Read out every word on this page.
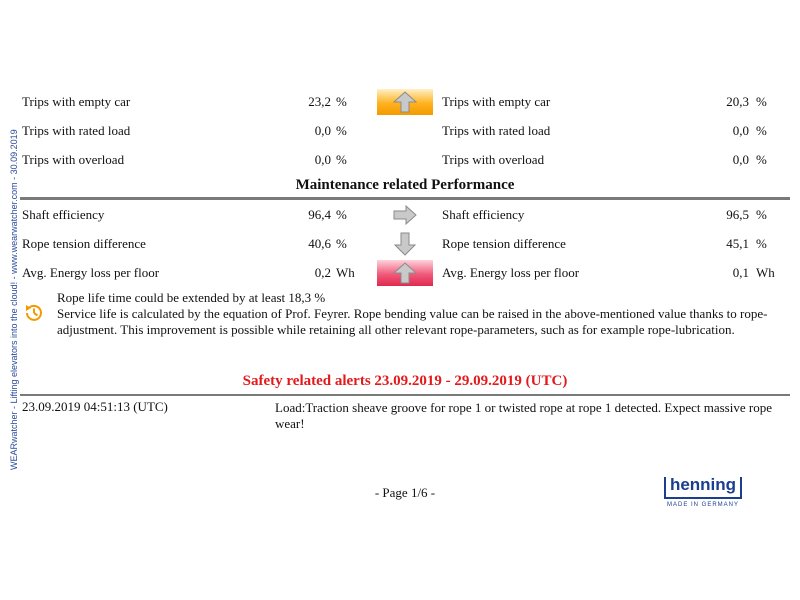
WEARwatcher - Lifting elevators into the cloud! - www.wearwatcher.com - 30.09.2019
Trips with empty car	23,2 %	Trips with empty car	20,3 %
Trips with rated load	0,0 %	Trips with rated load	0,0 %
Trips with overload	0,0 %	Trips with overload	0,0 %
Maintenance related Performance
Shaft efficiency	96,4 %	Shaft efficiency	96,5 %
Rope tension difference	40,6 %	Rope tension difference	45,1 %
Avg. Energy loss per floor	0,2 Wh	Avg. Energy loss per floor	0,1 Wh
Rope life time could be extended by at least 18,3 %
Service life is calculated by the equation of Prof. Feyrer. Rope bending value can be raised in the above-mentioned value thanks to rope-adjustment. This improvement is possible while retaining all other relevant rope-parameters, such as for example rope-lubrication.
Safety related alerts 23.09.2019 - 29.09.2019 (UTC)
23.09.2019 04:51:13 (UTC)	Load:Traction sheave groove for rope 1 or twisted rope at rope 1 detected. Expect massive rope wear!
- Page 1/6 -	henning
MADE IN GERMANY
